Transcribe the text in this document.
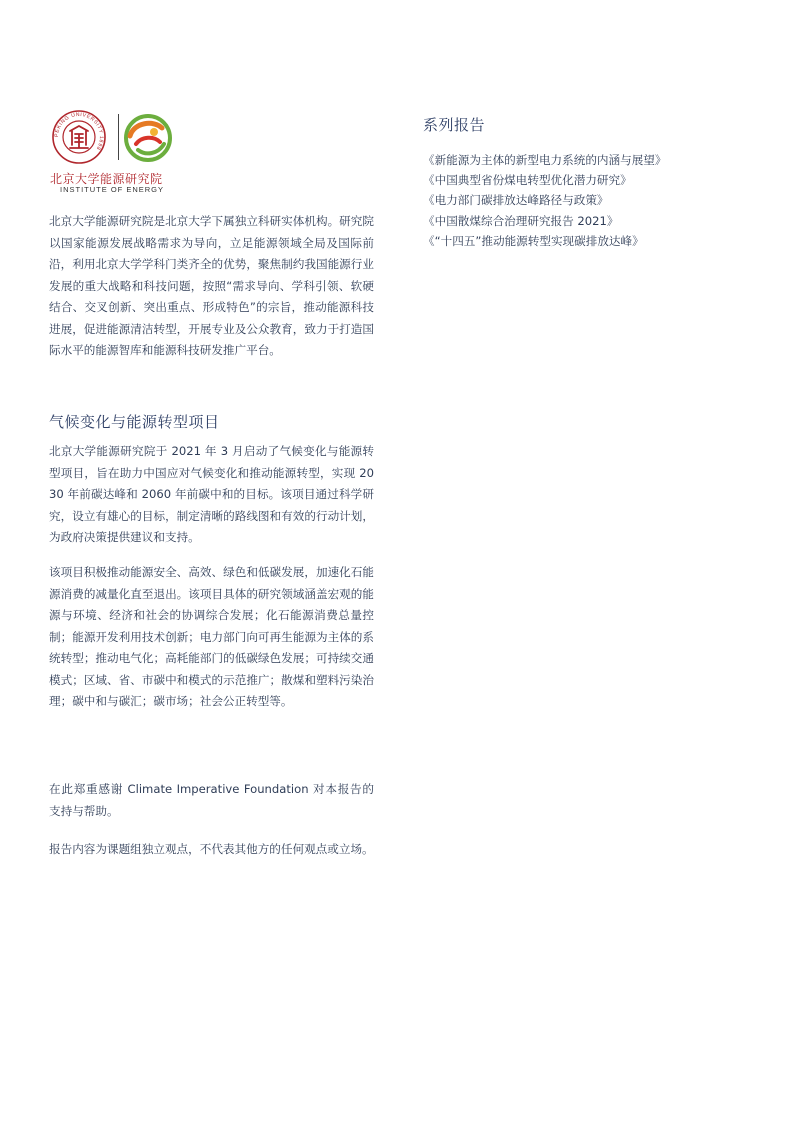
PEKING UNIVERSITY 1898
北京大学能源研究院
INSTITUTE OF ENERGY

北京大学能源研究院是北京大学下属独立科研实体机构。研究院以国家能源发展战略需求为导向，立足能源领域全局及国际前沿，利用北京大学学科门类齐全的优势，聚焦制约我国能源行业发展的重大战略和科技问题，按照“需求导向、学科引领、软硬结合、交叉创新、突出重点、形成特色”的宗旨，推动能源科技进展，促进能源清洁转型，开展专业及公众教育，致力于打造国际水平的能源智库和能源科技研发推广平台。

气候变化与能源转型项目

北京大学能源研究院于 2021 年 3 月启动了气候变化与能源转型项目，旨在助力中国应对气候变化和推动能源转型，实现 2030 年前碳达峰和 2060 年前碳中和的目标。该项目通过科学研究，设立有雄心的目标，制定清晰的路线图和有效的行动计划，为政府决策提供建议和支持。

该项目积极推动能源安全、高效、绿色和低碳发展，加速化石能源消费的减量化直至退出。该项目具体的研究领域涵盖宏观的能源与环境、经济和社会的协调综合发展；化石能源消费总量控制；能源开发利用技术创新；电力部门向可再生能源为主体的系统转型；推动电气化；高耗能部门的低碳绿色发展；可持续交通模式；区域、省、市碳中和模式的示范推广；散煤和塑料污染治理；碳中和与碳汇；碳市场；社会公正转型等。

在此郑重感谢 Climate Imperative Foundation 对本报告的支持与帮助。

报告内容为课题组独立观点，不代表其他方的任何观点或立场。

系列报告
《新能源为主体的新型电力系统的内涵与展望》
《中国典型省份煤电转型优化潜力研究》
《电力部门碳排放达峰路径与政策》
《中国散煤综合治理研究报告 2021》
《“十四五”推动能源转型实现碳排放达峰》
